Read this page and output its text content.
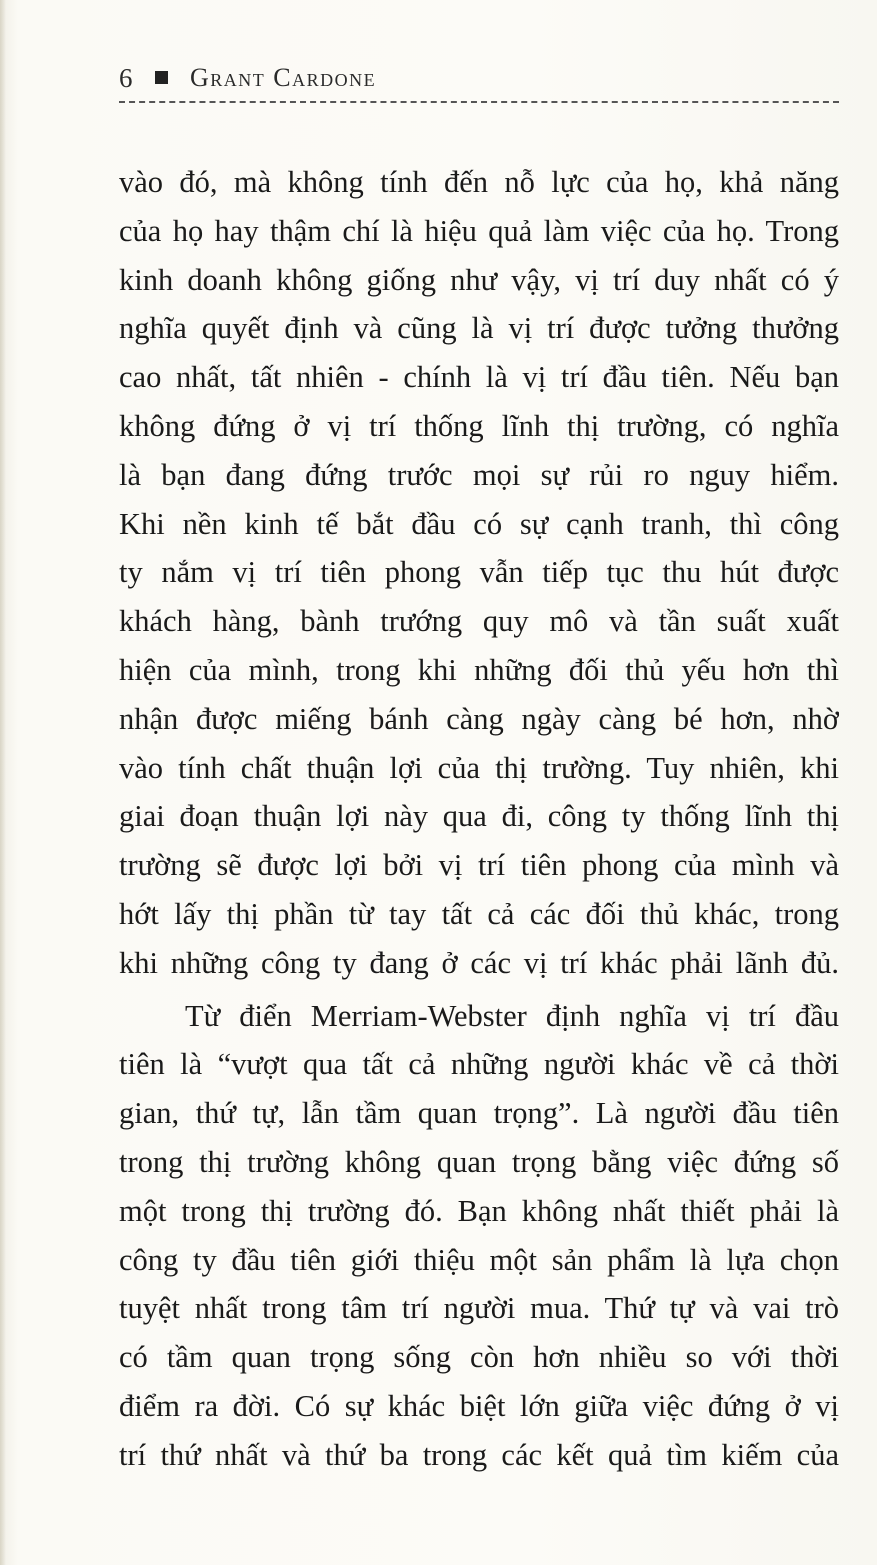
6	Grant Cardone

vào đó, mà không tính đến nỗ lực của họ, khả năng
của họ hay thậm chí là hiệu quả làm việc của họ. Trong
kinh doanh không giống như vậy, vị trí duy nhất có ý
nghĩa quyết định và cũng là vị trí được tưởng thưởng
cao nhất, tất nhiên - chính là vị trí đầu tiên. Nếu bạn
không đứng ở vị trí thống lĩnh thị trường, có nghĩa
là bạn đang đứng trước mọi sự rủi ro nguy hiểm.
Khi nền kinh tế bắt đầu có sự cạnh tranh, thì công
ty nắm vị trí tiên phong vẫn tiếp tục thu hút được
khách hàng, bành trướng quy mô và tần suất xuất
hiện của mình, trong khi những đối thủ yếu hơn thì
nhận được miếng bánh càng ngày càng bé hơn, nhờ
vào tính chất thuận lợi của thị trường. Tuy nhiên, khi
giai đoạn thuận lợi này qua đi, công ty thống lĩnh thị
trường sẽ được lợi bởi vị trí tiên phong của mình và
hớt lấy thị phần từ tay tất cả các đối thủ khác, trong
khi những công ty đang ở các vị trí khác phải lãnh đủ.

Từ điển Merriam-Webster định nghĩa vị trí đầu
tiên là “vượt qua tất cả những người khác về cả thời
gian, thứ tự, lẫn tầm quan trọng”. Là người đầu tiên
trong thị trường không quan trọng bằng việc đứng số
một trong thị trường đó. Bạn không nhất thiết phải là
công ty đầu tiên giới thiệu một sản phẩm là lựa chọn
tuyệt nhất trong tâm trí người mua. Thứ tự và vai trò
có tầm quan trọng sống còn hơn nhiều so với thời
điểm ra đời. Có sự khác biệt lớn giữa việc đứng ở vị
trí thứ nhất và thứ ba trong các kết quả tìm kiếm của
